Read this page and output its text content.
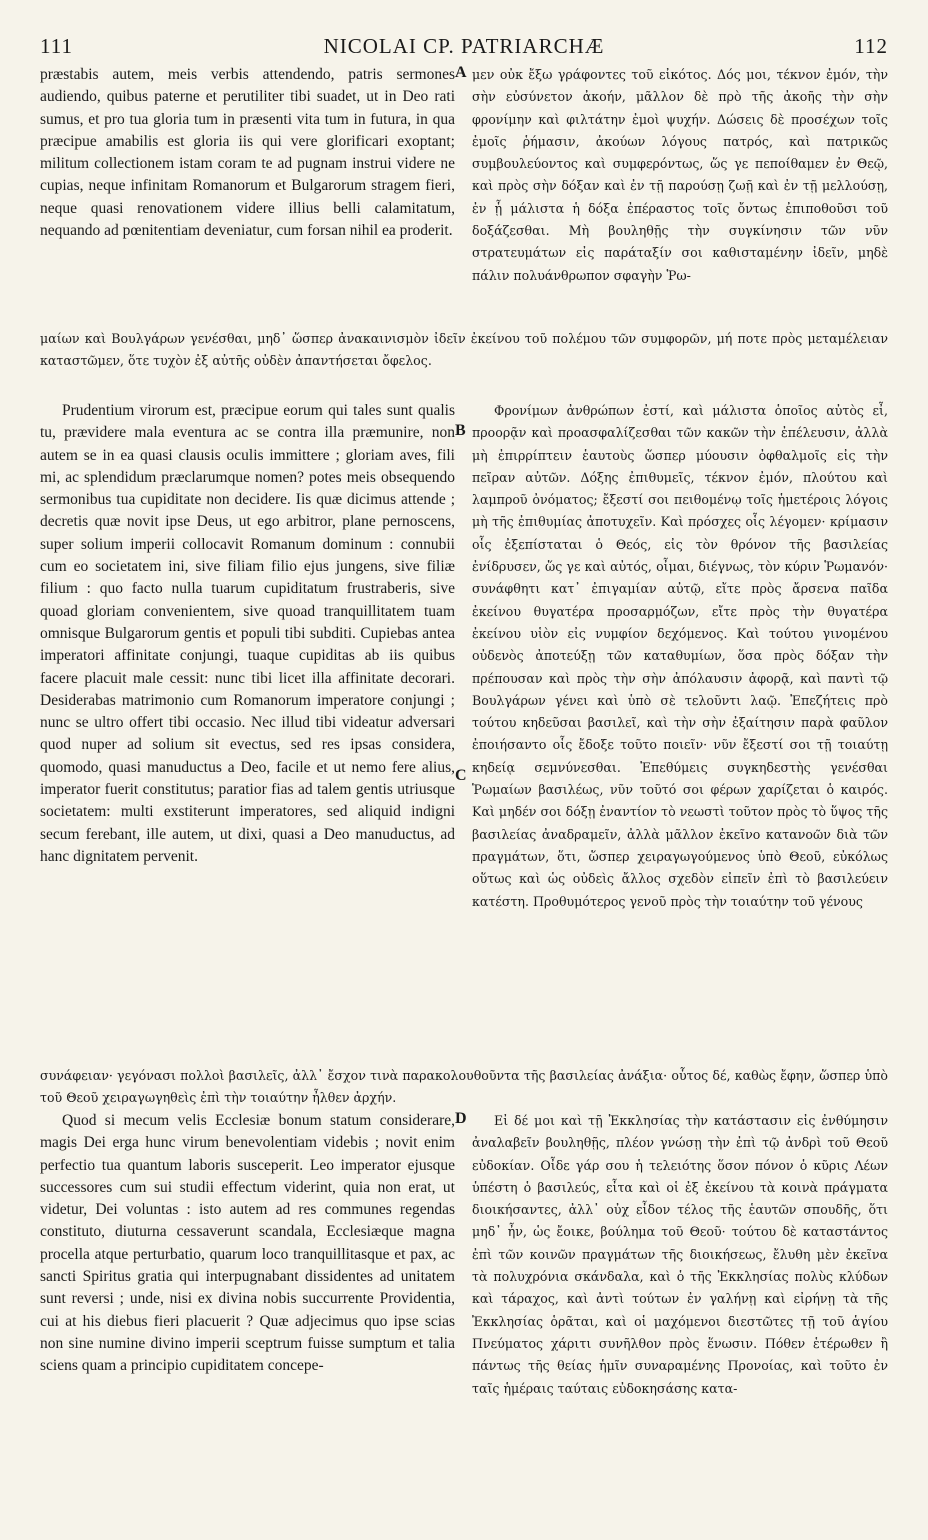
111	NICOLAI CP. PATRIARCHÆ	112

præstabis autem, meis verbis attendendo, patris sermones audiendo, quibus paterne et perutiliter tibi suadet, ut in Deo rati sumus, et pro tua gloria tum in præsenti vita tum in futura, in qua præcipue amabilis est gloria iis qui vere glorificari exoptant; militum collectionem istam coram te ad pugnam instrui videre ne cupias, neque infinitam Romanorum et Bulgarorum stragem fieri, neque quasi renovationem videre illius belli calamitatum, nequando ad pœnitentiam deveniatur, cum forsan nihil ea proderit.

A μεν οὐκ ἔξω γράφοντες τοῦ εἰκότος. Δός μοι, τέκνον ἐμόν, τὴν σὴν εὐσύνετον ἀκοήν, μᾶλλον δὲ πρὸ τῆς ἀκοῆς τὴν σὴν φρονίμην καὶ φιλτάτην ἐμοὶ ψυχήν. Δώσεις δὲ προσέχων τοῖς ἐμοῖς ῥήμασιν, ἀκούων λόγους πατρός, καὶ πατρικῶς συμβουλεύοντος καὶ συμφερόντως, ὥς γε πεποίθαμεν ἐν Θεῷ, καὶ πρὸς σὴν δόξαν καὶ ἐν τῇ παρούσῃ ζωῇ καὶ ἐν τῇ μελλούσῃ, ἐν ᾗ μάλιστα ἡ δόξα ἐπέραστος τοῖς ὄντως ἐπιποθοῦσι τοῦ δοξάζεσθαι. Μὴ βουληθῇς τὴν συγκίνησιν τῶν νῦν στρατευμάτων εἰς παράταξίν σοι καθισταμένην ἰδεῖν, μηδὲ πάλιν πολυάνθρωπον σφαγὴν Ῥω-

μαίων καὶ Βουλγάρων γενέσθαι, μηδ᾽ ὥσπερ ἀνακαινισμὸν ἰδεῖν ἐκείνου τοῦ πολέμου τῶν συμφορῶν, μή ποτε πρὸς μεταμέλειαν καταστῶμεν, ὅτε τυχὸν ἐξ αὐτῆς οὐδὲν ἀπαντήσεται ὄφελος.

Prudentium virorum est, præcipue eorum qui tales sunt qualis tu, prævidere mala eventura ac se contra illa præmunire, non autem se in ea quasi clausis oculis immittere ; gloriam aves, fili mi, ac splendidum præclarumque nomen? potes meis obsequendo sermonibus tua cupiditate non decidere. Iis quæ dicimus attende ; decretis quæ novit ipse Deus, ut ego arbitror, plane pernoscens, super solium imperii collocavit Romanum dominum : connubii cum eo societatem ini, sive filiam filio ejus jungens, sive filiæ filium : quo facto nulla tuarum cupiditatum frustraberis, sive quoad gloriam convenientem, sive quoad tranquillitatem tuam omnisque Bulgarorum gentis et populi tibi subditi. Cupiebas antea imperatori affinitate conjungi, tuaque cupiditas ab iis quibus facere placuit male cessit: nunc tibi licet illa affinitate decorari. Desiderabas matrimonio cum Romanorum imperatore conjungi ; nunc se ultro offert tibi occasio. Nec illud tibi videatur adversari quod nuper ad solium sit evectus, sed res ipsas considera, quomodo, quasi manuductus a Deo, facile et ut nemo fere alius, imperator fuerit constitutus; paratior fias ad talem gentis utriusque societatem: multi exstiterunt imperatores, sed aliquid indigni secum ferebant, ille autem, ut dixi, quasi a Deo manuductus, ad hanc dignitatem pervenit.

B
C

Φρονίμων ἀνθρώπων ἐστί, καὶ μάλιστα ὁποῖος αὐτὸς εἶ, προορᾷν καὶ προασφαλίζεσθαι τῶν κακῶν τὴν ἐπέλευσιν, ἀλλὰ μὴ ἐπιρρίπτειν ἑαυτοὺς ὥσπερ μύουσιν ὀφθαλμοῖς εἰς τὴν πεῖραν αὐτῶν. Δόξης ἐπιθυμεῖς, τέκνον ἐμόν, πλούτου καὶ λαμπροῦ ὀνόματος; ἔξεστί σοι πειθομένῳ τοῖς ἡμετέροις λόγοις μὴ τῆς ἐπιθυμίας ἀποτυχεῖν. Καὶ πρόσχες οἷς λέγομεν· κρίμασιν οἷς ἐξεπίσταται ὁ Θεός, εἰς τὸν θρόνον τῆς βασιλείας ἐνίδρυσεν, ὥς γε καὶ αὐτός, οἶμαι, διέγνως, τὸν κύριν Ῥωμανόν· συνάφθητι κατ᾽ ἐπιγαμίαν αὐτῷ, εἴτε πρὸς ἄρσενα παῖδα ἐκείνου θυγατέρα προσαρμόζων, εἴτε πρὸς τὴν θυγατέρα ἐκείνου υἱὸν εἰς νυμφίον δεχόμενος. Καὶ τούτου γινομένου οὐδενὸς ἀποτεύξῃ τῶν καταθυμίων, ὅσα πρὸς δόξαν τὴν πρέπουσαν καὶ πρὸς τὴν σὴν ἀπόλαυσιν ἀφορᾷ, καὶ παντὶ τῷ Βουλγάρων γένει καὶ ὑπὸ σὲ τελοῦντι λαῷ. Ἐπεζήτεις πρὸ τούτου κηδεῦσαι βασιλεῖ, καὶ τὴν σὴν ἐξαίτησιν παρὰ φαῦλον ἐποιήσαντο οἷς ἔδοξε τοῦτο ποιεῖν· νῦν ἔξεστί σοι τῇ τοιαύτῃ κηδείᾳ σεμνύνεσθαι. Ἐπεθύμεις συγκηδεστὴς γενέσθαι Ῥωμαίων βασιλέως, νῦν τοῦτό σοι φέρων χαρίζεται ὁ καιρός. Καὶ μηδέν σοι δόξῃ ἐναντίον τὸ νεωστὶ τοῦτον πρὸς τὸ ὕψος τῆς βασιλείας ἀναδραμεῖν, ἀλλὰ μᾶλλον ἐκεῖνο κατανοῶν διὰ τῶν πραγμάτων, ὅτι, ὥσπερ χειραγωγούμενος ὑπὸ Θεοῦ, εὐκόλως οὕτως καὶ ὡς οὐδεὶς ἄλλος σχεδὸν εἰπεῖν ἐπὶ τὸ βασιλεύειν κατέστη. Προθυμότερος γενοῦ πρὸς τὴν τοιαύτην τοῦ γένους

συνάφειαν· γεγόνασι πολλοὶ βασιλεῖς, ἀλλ᾽ ἔσχον τινὰ παρακολουθοῦντα τῆς βασιλείας ἀνάξια· οὗτος δέ, καθὼς ἔφην, ὥσπερ ὑπὸ τοῦ Θεοῦ χειραγωγηθεὶς ἐπὶ τὴν τοιαύτην ἦλθεν ἀρχήν.

Quod si mecum velis Ecclesiæ bonum statum considerare, magis Dei erga hunc virum benevolentiam videbis ; novit enim perfectio tua quantum laboris susceperit. Leo imperator ejusque successores cum sui studii effectum viderint, quia non erat, ut videtur, Dei voluntas : isto autem ad res communes regendas constituto, diuturna cessaverunt scandala, Ecclesiæque magna procella atque perturbatio, quarum loco tranquillitasque et pax, ac sancti Spiritus gratia qui interpugnabant dissidentes ad unitatem sunt reversi ; unde, nisi ex divina nobis succurrente Providentia, cui at his diebus fieri placuerit ? Quæ adjecimus quo ipse scias non sine numine divino imperii sceptrum fuisse sumptum et talia sciens quam a principio cupiditatem concepe-

D	Εἰ δέ μοι καὶ τῇ Ἐκκλησίας τὴν κατάστασιν εἰς ἐνθύμησιν ἀναλαβεῖν βουληθῇς, πλέον γνώσῃ τὴν ἐπὶ τῷ ἀνδρὶ τοῦ Θεοῦ εὐδοκίαν. Οἶδε γάρ σου ἡ τελειότης ὅσον πόνον ὁ κῦρις Λέων ὑπέστη ὁ βασιλεύς, εἶτα καὶ οἱ ἐξ ἐκείνου τὰ κοινὰ πράγματα διοικήσαντες, ἀλλ᾽ οὐχ εἶδον τέλος τῆς ἑαυτῶν σπουδῆς, ὅτι μηδ᾽ ἦν, ὡς ἔοικε, βούλημα τοῦ Θεοῦ· τούτου δὲ καταστάντος ἐπὶ τῶν κοινῶν πραγμάτων τῆς διοικήσεως, ἔλυθη μὲν ἐκεῖνα τὰ πολυχρόνια σκάνδαλα, καὶ ὁ τῆς Ἐκκλησίας πολὺς κλύδων καὶ τάραχος, καὶ ἀντὶ τούτων ἐν γαλήνῃ καὶ εἰρήνῃ τὰ τῆς Ἐκκλησίας ὁρᾶται, καὶ οἱ μαχόμενοι διεστῶτες τῇ τοῦ ἁγίου Πνεύματος χάριτι συνῆλθον πρὸς ἕνωσιν. Πόθεν ἑτέρωθεν ἢ πάντως τῆς θείας ἡμῖν συναραμένης Προνοίας, καὶ τοῦτο ἐν ταῖς ἡμέραις ταύταις εὐδοκησάσης κατα-
